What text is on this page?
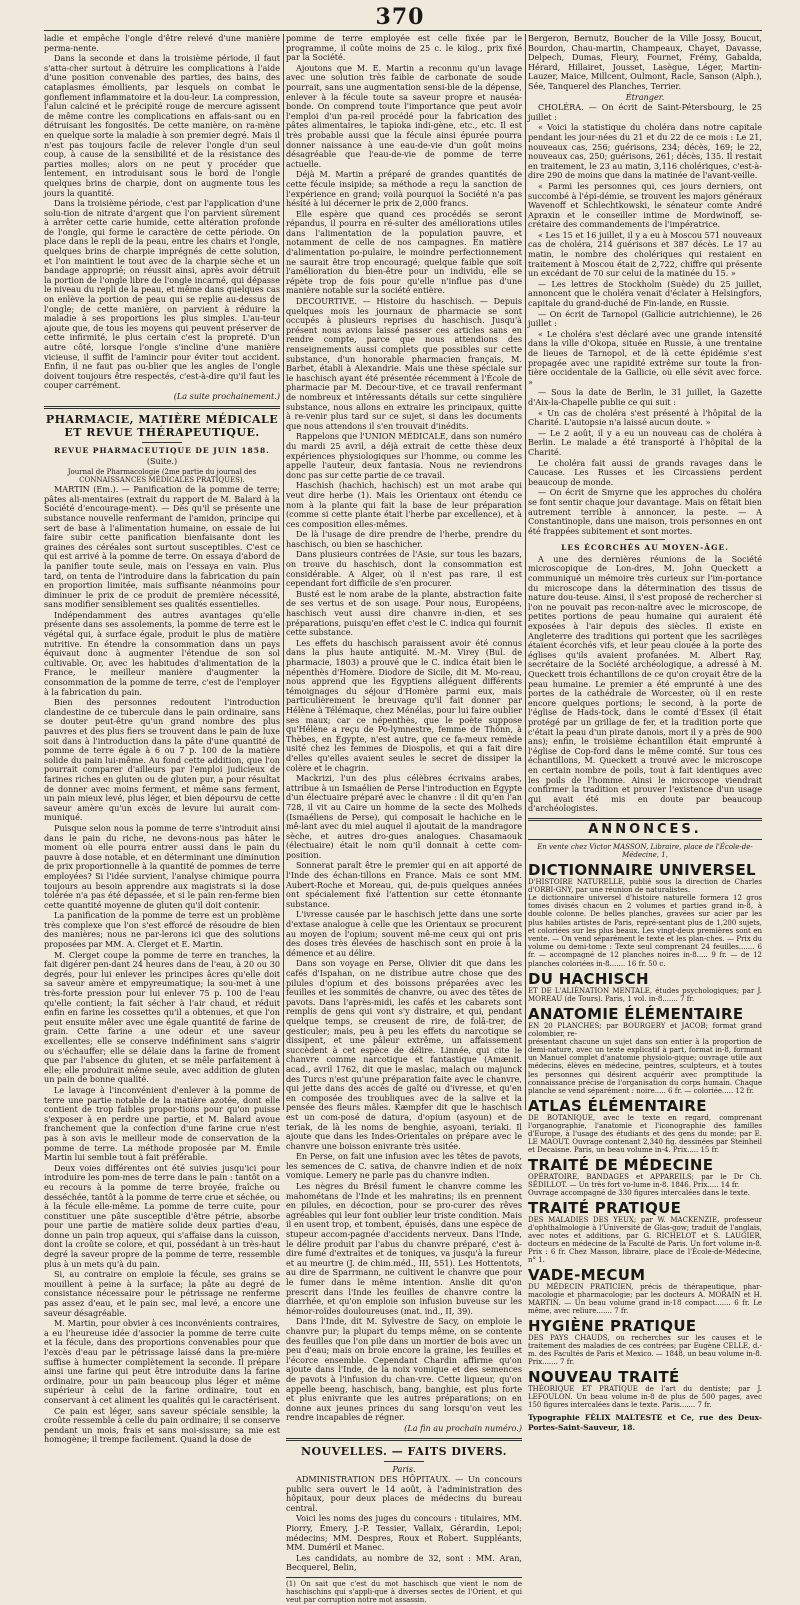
370

ladie et empêche l'ongle d'être relevé d'une manière perma-nente.

Dans la seconde et dans la troisième période, il faut s'atta-cher surtout à détruire les complications à l'aide d'une position convenable des parties, des bains, des cataplasmes émollients, par lesquels on combat le gonflement inflammatoire et la dou-leur. La compression, l'alun calciné et le précipité rouge de mercure agissent de même contre les complications en affais-sant ou en détruisant les fongosités. De cette manière, on ra-mène en quelque sorte la maladie à son premier degré. Mais il n'est pas toujours facile de relever l'ongle d'un seul coup, à cause de la sensibilité et de la résistance des parties molles; alors on ne peut y procéder que lentement, en introduisant sous le bord de l'ongle quelques brins de charpie, dont on augmente tous les jours la quantité.

Dans la troisième période, c'est par l'application d'une solu-tion de nitrate d'argent que l'on parvient sûrement à arrêter cette carie humide, cette altération profonde de l'ongle, qui forme le caractère de cette période. On place dans le repli de la peau, entre les chairs et l'ongle, quelques brins de charpie imprégnés de cette solution, et l'on maintient le tout avec de la charpie sèche et un bandage approprié; on réussit ainsi, après avoir détruit la portion de l'ongle libre de l'ongle incarné, qui dépasse le niveau du repli de la peau, et même dans quelques cas on enlève la portion de peau qui se replie au-dessus de l'ongle; de cette manière, on parvient à réduire la maladie à ses proportions les plus simples. L'au-teur ajoute que, de tous les moyens qui peuvent préserver de cette infirmité, le plus certain c'est la propreté. D'un autre côté, lorsque l'ongle s'incline d'une manière vicieuse, il suffit de l'amincir pour éviter tout accident. Enfin, il ne faut pas ou-blier que les angles de l'ongle doivent toujours être respectés, c'est-à-dire qu'il faut les couper carrément.

(La suite prochainement.)

PHARMACIE, MATIÈRE MÉDICALE ET REVUE THÉRAPEUTIQUE.
REVUE PHARMACEUTIQUE DE JUIN 1858.

(Suite.)

Journal de Pharmacologie (2me partie du journal des CONNAISSANCES MÉDICALES PRATIQUES).

MARTIN (Em.). — Panification de la pomme de terre; pâtes ali-mentaires (extrait du rapport de M. Balard à la Société d'encourage-ment). — Dès qu'il se présente une substance nouvelle renfermant de l'amidon, principe qui sert de base à l'alimentation humaine, on essaie de lui faire subir cette panification bienfaisante dont les graines des céréales sont surtout susceptibles. C'est ce qui est arrivé à la pomme de terre. On essaya d'abord de la panifier toute seule, mais on l'essaya en vain. Plus tard, on tenta de l'introduire dans la fabrication du pain en proportion limitée, mais suffisante néanmoins pour diminuer le prix de ce produit de première nécessité, sans modifier sensiblement ses qualités essentielles.

Indépendamment des autres avantages qu'elle présente dans ses assolements, la pomme de terre est le végétal qui, à surface égale, produit le plus de matière nutritive. En étendre la consommation dans un pays équivaut donc à augmenter l'étendue de son sol cultivable. Or, avec les habitudes d'alimentation de la France, le meilleur manière d'augmenter la consommation de la pomme de terre, c'est de l'employer à la fabrication du pain.

Bien des personnes redoutent l'introduction clandestine de ce tubercule dans le pain ordinaire, sans se douter peut-être qu'un grand nombre des plus pauvres et des plus fiers se trouvent dans le pain de luxe soit dans à l'introduction dans la pâte d'une quantité de pomme de terre égale à 6 ou 7 p. 100 de la matière solide du pain lui-même. Au fond cette addition, que l'on pourrait comparer d'ailleurs par l'emploi judicieux de farines riches en gluten ou de gluten pur, a pour résultat de donner avec moins ferment, et même sans ferment, un pain mieux levé, plus léger, et bien dépourvu de cette saveur amère qu'un excès de levure lui aurait com-muniqué.

Puisque selon nous la pomme de terre s'introduit ainsi dans le pain du riche, ne devons-nous pas hâter le moment où elle pourra entrer aussi dans le pain du pauvre à dose notable, et en déterminant une diminution de prix proportionnelle à la quantité de pommes de terre employées? Si l'idée survient, l'analyse chimique pourra toujours au besoin apprendre aux magistrats si la dose tolérée n'a pas été dépassée, et si le pain ren-ferme bien cette quantité moyenne de gluten qu'il doit contenir.

La panification de la pomme de terre est un problème très complexe que l'on s'est efforcé de résoudre de bien des manières; nous ne par-lerons ici que des solutions proposées par MM. A. Clerget et E. Martin.

M. Clerget coupe la pomme de terre en tranches, la fait digérer pen-dant 24 heures dans de l'eau, à 20 ou 30 degrés, pour lui enlever les principes âcres qu'elle doit sa saveur amère et empyreumatique; la sou-met à une très-forte pression pour lui enlever 75 p. 100 de l'eau qu'elle contient; la fait sécher à l'air chaud, et réduit enfin en farine les cossettes qu'il a obtenues, et que l'on peut ensuite mêler avec une égale quantité de farine de grain. Cette farine a une odeur et une saveur excellentes; elle se conserve indéfiniment sans s'aigrir ou s'échauffer; elle se délaie dans la farine de froment que par l'absence du gluten, et se mêle parfaitement à elle; elle produirait même seule, avec addition de gluten un pain de bonne qualité.

Le lavage à l'inconvénient d'enlever à la pomme de terre une partie notable de la matière azotée, dont elle contient de trop faibles propor-tions pour qu'on puisse s'exposer à en perdre une partie, et M. Balard avoue franchement que la confection d'une farine crue n'est pas à son avis le meilleur mode de conservation de la pomme de terre. La méthode proposée par M. Émile Martin lui semble tout à fait préférable.

Deux voies différentes ont été suivies jusqu'ici pour introduire les pom-mes de terre dans le pain : tantôt on a eu recours à la pomme de terre broyée, fraîche ou desséchée, tantôt à la pomme de terre crue et séchée, ou à la fécule elle-même. La pomme de terre cuite, pour constituer une pâte susceptible d'être pétrie, absorbe pour une partie de matière solide deux parties d'eau, donne un pain trop aqueux, qui s'affaise dans la cuisson, dont la croûte se colore, et qui, possédant à un très-haut degré la saveur propre de la pomme de terre, ressemble plus à un mets qu'à du pain.

Si, au contraire on emploie la fécule, ses grains se mouillent à peine à la surface; la pâte au degré de consistance nécessaire pour le pétrissage ne renferme pas assez d'eau, et le pain sec, mal levé, a encore une saveur désagréable.

M. Martin, pour obvier à ces inconvénients contraires, a eu l'heureuse idée d'associer la pomme de terre cuite et la fécule, dans des proportions convenables pour que l'excès d'eau par le pétrissage laissé dans la pre-mière suffise à humecter complètement la seconde. Il prépare ainsi une farine qui peut être introduite dans la farine ordinaire, pour un pain beaucoup plus léger et même supérieur à celui de la farine ordinaire, tout en conservant à cet aliment les qualités qui le caractérisent.

Ce pain est léger, sans saveur spéciale sensible; la croûte ressemble à celle du pain ordinaire; il se conserve pendant un mois, frais et sans moi-sissure; sa mie est homogène; il trempe facilement. Quand la dose de

pomme de terre employée est celle fixée par le programme, il coûte moins de 25 c. le kilog., prix fixé par la Société.

Ajoutons que M. E. Martin a reconnu qu'un lavage avec une solution très faible de carbonate de soude pourrait, sans une augmentation sensi-ble de la dépense, enlever à la fécule toute sa saveur propre et nauséa-bonde. On comprend toute l'importance que peut avoir l'emploi d'un pa-reil procédé pour la fabrication des pâtes alimentaires, le tapioka indi-gène, etc., etc. Il est très probable aussi que la fécule ainsi épurée pourra donner naissance à une eau-de-vie d'un goût moins désagréable que l'eau-de-vie de pomme de terre actuelle.

Déjà M. Martin a préparé de grandes quantités de cette fécule insipide; sa méthode a reçu la sanction de l'expérience en grand; voilà pourquoi la Société n'a pas hésité à lui décerner le prix de 2,000 francs.

Elle espère que quand ces procédés se seront répandus, il pourra en ré-sulter des améliorations utiles dans l'alimentation de la population pauvre, et notamment de celle de nos campagnes. En matière d'alimentation po-pulaire, le moindre perfectionnement ne saurait être trop encouragé; quelque faible que soit l'amélioration du bien-être pour un individu, elle se répète trop de fois pour qu'elle n'influe pas d'une manière notable sur la société entière.

DECOURTIVE. — Histoire du haschisch. — Depuis quelques mois les journaux de pharmacie se sont occupés à plusieurs reprises du haschisch. Jusqu'à présent nous avions laissé passer ces articles sans en rendre compte, parce que nous attendions des renseignements aussi complets que possibles sur cette substance, d'un honorable pharmacien français, M. Barbet, établi à Alexandrie. Mais une thèse spéciale sur le haschisch ayant été présentée récemment à l'École de pharmacie par M. Decour-tive, et ce travail renfermant de nombreux et intéressants détails sur cette singulière substance, nous allons en extraire les principaux, quitte à re-venir plus tard sur ce sujet, si dans les documents que nous attendons il s'en trouvait d'inédits.

Rappelons que l'UNION MÉDICALE, dans son numéro du mardi 25 avril, a déjà extrait de cette thèse deux expériences physiologiques sur l'homme, ou comme les appelle l'auteur, deux fantasia. Nous ne reviendrons donc pas sur cette partie de ce travail.

Haschish (hachich, hachisch) est un mot arabe qui veut dire herbe (1). Mais les Orientaux ont étendu ce nom à la plante qui fait la base de leur préparation (comme si cette plante était l'herbe par excellence), et à ces composition elles-mêmes.

De là l'usage de dire prendre de l'herbe, prendre du haschisch, ou bien se haschicher.

Dans plusieurs contrées de l'Asie, sur tous les bazars, on trouve du haschisch, dont la consommation est considérable. A Alger, où il n'est pas rare, il est cependant fort difficile de s'en procurer.

Busté est le nom arabe de la plante, abstraction faite de ses vertus et de son usage. Pour nous, Européens, haschisch veut aussi dire chanvre in-dien, et ses préparations, puisqu'en effet c'est le C. indica qui fournit cette substance.

Les effets du haschisch paraissent avoir été connus dans la plus haute antiquité. M.-M. Virey (Bul. de pharmacie, 1803) a prouvé que le C. indica était bien le népenthès d'Homère. Diodore de Sicile, dit M. Mo-reau, nous apprend que les Égyptiens alléguent différents témoignages du séjour d'Homère parmi eux, mais particulièrement le breuvage qu'il fait donner par Hélène à Télémaque, chez Ménélas, pour lui faire oublier ses maux; car ce népenthès, que le poète suppose qu'Hélène a reçu de Po-lymnestre, femme de Thônn, à Thèbes, en Égypte, n'est autre, que ce fa-meux remède usité chez les femmes de Diospolis, et qui a fait dire d'elles qu'elles avaient seules le secret de dissiper la colère et le chagrin.

Mackrizi, l'un des plus célèbres écrivains arabes, attribue à un Ismaélien de Perse l'introduction en Égypte d'un électuaire préparé avec le chanvre : il dit qu'en l'an 728, il vit au Caire un homme de la secte des Molheds (Ismaéliens de Perse), qui composait le hachiche en le mê-lant avec du miel auquel il ajoutait de la mandragore sèche, et autres dro-gues analogues. Chasamaouk (électuaire) était le nom qu'il donnait à cette com-position.

Sonnerat paraît être le premier qui en ait apporté de l'Inde des échan-tillons en France. Mais ce sont MM. Aubert-Roche et Moreau, qui, de-puis quelques années ont spécialement fixé l'attention sur cette étonnante substance.

L'ivresse causée par le haschisch jette dans une sorte d'extase analogue à celle que les Orientaux se procurent au moyen de l'opium; souvent mê-me ceux qui ont pris des doses très élevées de haschisch sont en proie à la démence et au délire.

Dans son voyage en Perse, Olivier dit que dans les cafés d'Ispahan, on ne distribue autre chose que des pilules d'opium et des boissons préparées avec les feuilles et les sommités de chanvre, ou avec des têtes de pavots. Dans l'après-midi, les cafés et les cabarets sont remplis de gens qui vont s'y distraire, et qui, pendant quelque temps, se creusent de rire, de folâ-trer, de gesticuler; mais, peu à peu les effets du narcotique se dissipent, et une pâleur extrême, un affaissement succèdent à cet espèce de délire. Linnée, qui cite le chanvre comme narcotique et fantastique (Amænit. acad., avril 1762, dit que le maslac, malach ou majunck des Turcs n'est qu'une préparation faite avec le chanvre, qui jette dans des accès de gaîté ou d'ivresse, et qu'en en composée des troubliques avec de la salive et la pensée des fleurs mâles. Kæmpfer dit que le haschisch est un com-posé de datura, d'opium (asyoun) et de teriak, de là les noms de benghie, asyoani, teriaki. Il ajoute que dans les Indes-Orientales on prépare avec le chanvre une boisson enivrante très usitée.

En Perse, on fait une infusion avec les têtes de pavots, les semences de C. sativa, de chanvre indien et de noix vomique. Lemery ne parle pas du chanvre indien.

Les nègres du Brésil fument le chanvre comme les mahométans de l'Inde et les mahratins; ils en prennent en pilules, en décoction, pour se pro-curer des rêves agréables qui leur font oublier leur triste condition. Mais il en usent trop, et tombent, épuisés, dans une espèce de stupeur accom-pagnée d'accidents nerveux. Dans l'Inde, le délire produit par l'abus du chanvre préparé, c'est à-dire fumé d'extraites et de toniques, va jusqu'à la fureur et au meurtre (J. de chim.méd., III, 551). Les Hottentots, au dire de Sparrmann, ne cultivent le chanvre que pour le fumer dans le même intention. Anslie dit qu'on prescrit dans l'Inde les feuilles de chanvre contre la diarrhée, et qu'on emploie son infusion buveuse sur les hémor-roïdes douloureuses (mat. ind., II, 39).

Dans l'Inde, dit M. Sylvestre de Sacy, on emploie le chanvre pur; la plupart du temps même, on se contente des feuilles que l'on pile dans un mortier de bois avec un peu d'eau; mais on broie encore la graine, les feuilles et l'écorce ensemble. Cependant Chardin affirme qu'on ajoute dans l'Inde, de la noix vomique et des semences de pavots à l'infusion du chan-vre. Cette liqueur, qu'on appelle beeng, haschisch, bang, banghie, est plus forte et plus enivrante que les autres préparations; on en donne aux jeunes princes du sang lorsqu'on veut les rendre incapables de régner.

(La fin au prochain numéro.)

NOUVELLES. — FAITS DIVERS.

Paris.

ADMINISTRATION DES HÔPITAUX. — Un concours public sera ouvert le 14 août, à l'administration des hôpitaux, pour deux places de médecins du bureau central.

Voici les noms des juges du concours : titulaires, MM. Piorry, Émery, J.-P. Tessier, Vallaix, Gérardin, Lepoi; médecins; MM. Despres, Roux et Robert. Suppléants, MM. Duméril et Manec.

Les candidats, au nombre de 32, sont : MM. Aran, Becquerel, Belin,

(1) On sait que c'est du mot haschisch que vient le nom de haschischins qui s'appli-que à diverses sectes de l'Orient, et qui veut par corruption notre mot assassin.

Bergeron, Bernutz, Boucher de la Ville Jossy, Boucut, Bourdon, Chau-martin, Champeaux, Chayet, Davasse, Delpech, Dumas, Fleury, Fournet, Frémy, Gabalda, Hérard, Hillairet, Jousset, Lasègue, Léger, Martin-Lauzer, Maice, Millcent, Oulmont, Racle, Sanson (Alph.), Sée, Tanquerel des Planches, Terrier.

Étranger.

CHOLÉRA. — On écrit de Saint-Pétersbourg, le 25 juillet :

« Voici la statistique du choléra dans notre capitale pendant les jour-nées du 21 et du 22 de ce mois : Le 21, nouveaux cas, 256; guérisons, 234; décès, 169; le 22, nouveaux cas, 250; guérisons, 261; décès, 135. Il restait en traitement, le 23 au matin, 3,116 cholériques, c'est-à-dire 290 de moins que dans la matinée de l'avant-veille.

« Parmi les personnes qui, ces jours derniers, ont succombé à l'épi-démie, se trouvent les majors généraux Wavenoff et Schlechtkowski, le sénateur comte André Apraxin et le conseiller intime de Mordwinoff, se-crétaire des commandements de l'impératrice.

« Les 15 et 16 juillet, il y a eu à Moscou 571 nouveaux cas de choléra, 214 guérisons et 387 décès. Le 17 au matin, le nombre des cholériques qui restaient en traitement à Moscou était de 2,722, chiffre qui présente un excédant de 70 sur celui de la matinée du 15. »

— Les lettres de Stockholm (Suède) du 25 juillet, annoncent que le choléra venait d'éclater à Helsingfors, capitale du grand-duché de Fin-lande, en Russie.

— On écrit de Tarnopol (Gallicie autrichienne), le 26 juillet :

« Le choléra s'est déclaré avec une grande intensité dans la ville d'Okopa, située en Russie, à une trentaine de lieues de Tarnopol, et de là cette épidémie s'est propagée avec une rapidité extrême sur toute la fron-tière occidentale de la Gallicie, où elle sévit avec force. »

— Sous la date de Berlin, le 31 juillet, la Gazette d'Aix-la-Chapelle publie ce qui suit :

« Un cas de choléra s'est présenté à l'hôpital de la Charité. L'autopsie n'a laissé aucun doute. »

— Le 2 août, il y a eu un nouveau cas de choléra à Berlin. Le malade a été transporté à l'hôpital de la Charité.

Le choléra fait aussi de grands ravages dans le Caucase. Les Russes et les Circassiens perdent beaucoup de monde.

— On écrit de Smyrne que les approches du choléra se font sentir chaque jour davantage. Mais on fêtait bien autrement terrible à annoncer, la peste. — A Constantinople, dans une maison, trois personnes en ont été frappées subitement et sont mortes.

LES ÉCORCHÉS AU MOYEN-ÂGE.

A une des dernières réunions de la Société microscopique de Lon-dres, M. John Queckett a communiqué un mémoire très curieux sur l'im-portance du microscope dans la détermination des tissus de nature dou-teuse. Ainsi, il s'est proposé de rechercher si l'on ne pouvait pas recon-naître avec le microscope, de petites portions de peau humaine qui auraient été exposées à l'air depuis des siècles. Il existe en Angleterre des traditions qui portent que les sacrilèges étaient écorchés vifs, et leur peau clouée à la porte des églises qu'ils avaient profanées. M. Albert Ray, secrétaire de la Société archéologique, a adressé à M. Queckett trois échantillons de ce qu'on croyait être de la peau humaine. Le premier a été emprunté à une des portes de la cathédrale de Worcester, où il en reste encore quelques portions; le second, à la porte de l'église de Hads-tock, dans le comté d'Essex (il était protégé par un grillage de fer, et la tradition porte que c'était la peau d'un pirate danois, mort il y a près de 900 ans); enfin, le troisième échantillon était emprunté à l'église de Cop-ford dans le même comté. Sur tous ces échantillons, M. Queckett a trouvé avec le microscope en certain nombre de poils, tout à fait identiques avec les poils de l'homme. Ainsi le microscope viendrait confirmer la tradition et prouver l'existence d'un usage qui avait été mis en doute par beaucoup d'archéologistes.

ANNONCES.

En vente chez Victor MASSON, Libraire, place de l'École-de-Médecine, 1,

DICTIONNAIRE UNIVERSEL
D'HISTOIRE NATURELLE, publié sous la direction de Charles d'ORBI-GNY, par une réunion de naturalistes.
Le dictionnaire universel d'histoire naturelle formera 12 gros tomes divisés chacun en 2 volumes et parties grand in-8, à double colonne. De belles planches, gravées sur acier par les plus habiles artistes de Paris, repré-sentant plus de 1,200 sujets, et coloriées sur les plus beaux. Les vingt-deux premières sont en vente. — On vend séparément le texte et les plan-ches. — Prix du volume ou demi-tome : Texte seul comprenant 24 feuilles....... 6 fr. — accompagné de 12 planches noires in-8..... 9 fr. — de 12 planches coloriées in-8....... 16 fr. 50 c.
DU HACHISCH
ET DE L'ALIÉNATION MENTALE, études psychologiques; par J. MOREAU (de Tours). Paris, 1 vol. in-8....... 7 fr.
ANATOMIE ÉLÉMENTAIRE
EN 20 PLANCHES; par BOURGERY et JACOB; format grand colombier, re-
présentant chacune un sujet dans son entier à la proportion de demi-nature, avec un texte explicatif à part, format in-8, formant un Manuel complet d'anatomie physiolo-gique; ouvrage utile aux médecins, élèves en médecine, peintres, sculpteurs, et à toutes les personnes qui désirent acquérir avec promptitude la connaissance précise de l'organisation du corps humain. Chaque planche se vend séparément : noire..... 6 fr. — coloriée..... 12 fr.
ATLAS ÉLÉMENTAIRE
DE BOTANIQUE, avec le texte en regard, comprenant l'organographie, l'anatomie et l'iconographie des familles d'Europe, à l'usage des étudiants et des gens du monde; par E. LE MAOUT. Ouvrage contenant 2,340 fig. dessinées par Steinheil et Decaisne. Paris, un beau volume in-4. Prix..... 15 fr.
TRAITÉ DE MÉDECINE
OPÉRATOIRE, BANDAGES et APPAREILS; par le Dr Ch. SÉDILLOT. — Un très fort vo-lume in-8. 1846. Prix..... 14 fr.
Ouvrage accompagné de 330 figures intercalées dans le texte.
TRAITÉ PRATIQUE
DES MALADIES DES YEUX; par W. MACKENZIE, professeur d'ophthalmologie à l'Université de Glas-gow; traduit de l'anglais, avec notes et additions, par G. RICHELOT et S. LAUGIER, docteurs en médecine de la Faculté de Paris. Un fort volume in-8. Prix : 6 fr. Chez Masson, libraire, place de l'École-de-Médecine, n° 1.
VADE-MECUM
DU MÉDECIN PRATICIEN, précis de thérapeutique, phar-macologie et pharmacologie; par les docteurs A. MORAIN et H. MARTIN. — Un beau volume grand in-18 compact....... 6 fr. Le même, avec reliure....... 7 fr.
HYGIÈNE PRATIQUE
DES PAYS CHAUDS, ou recherches sur les causes et le traitement des maladies de ces contrées; par Eugène CELLE, d.-m. des Facultés de Paris et Mexico. — 1848, un beau volume in-8. Prix....... 7 fr.
NOUVEAU TRAITÉ
THÉORIQUE ET PRATIQUE de l'art du dentiste; par J. LEFOULON. Un beau volume in-8 de plus de 500 pages, avec 150 figures intercalées dans le texte. Paris....... 7 fr.

Typographie FÉLIX MALTESTE et Ce, rue des Deux-Portes-Saint-Sauveur, 18.
